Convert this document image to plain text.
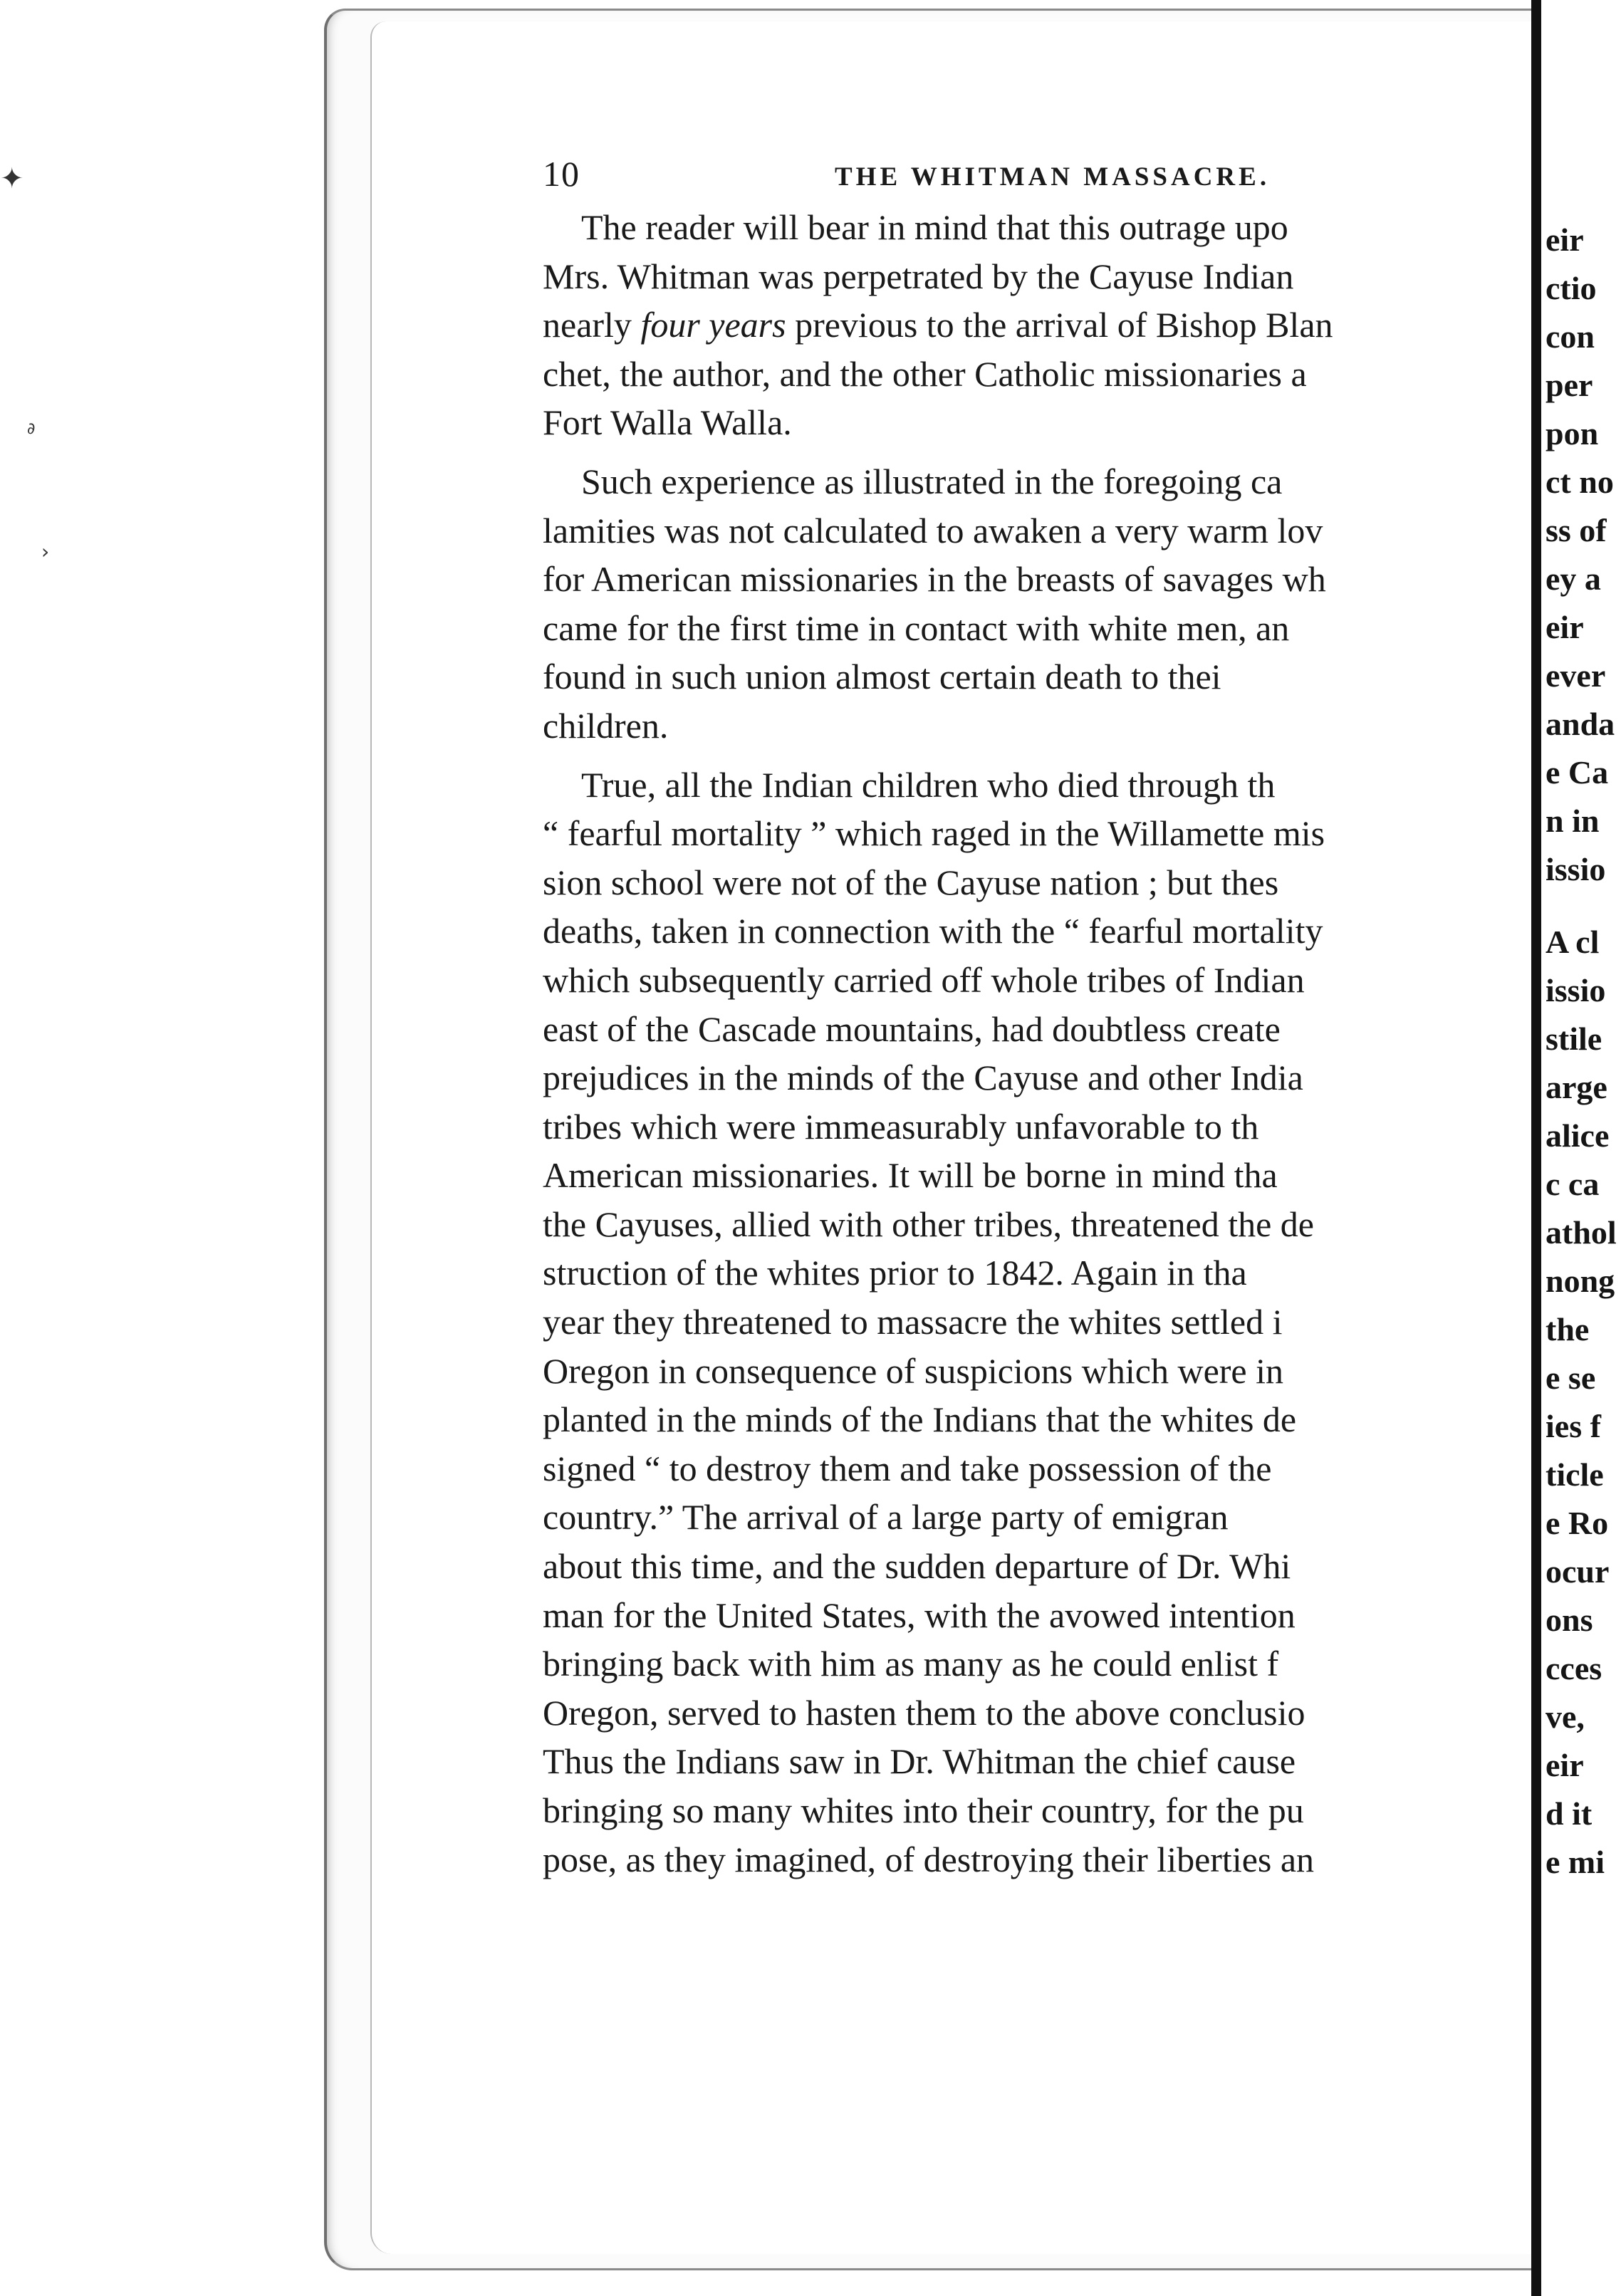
✦
∂
›
10	THE WHITMAN MASSACRE.

The reader will bear in mind that this outrage upo
Mrs. Whitman was perpetrated by the Cayuse Indian
nearly four years previous to the arrival of Bishop Blan
chet, the author, and the other Catholic missionaries a
Fort Walla Walla.

Such experience as illustrated in the foregoing ca
lamities was not calculated to awaken a very warm lov
for American missionaries in the breasts of savages wh
came for the first time in contact with white men, an
found in such union almost certain death to thei
children.

True, all the Indian children who died through th
“ fearful mortality ” which raged in the Willamette mis
sion school were not of the Cayuse nation ; but thes
deaths, taken in connection with the “ fearful mortality
which subsequently carried off whole tribes of Indian
east of the Cascade mountains, had doubtless create
prejudices in the minds of the Cayuse and other India
tribes which were immeasurably unfavorable to th
American missionaries. It will be borne in mind tha
the Cayuses, allied with other tribes, threatened the de
struction of the whites prior to 1842. Again in tha
year they threatened to massacre the whites settled i
Oregon in consequence of suspicions which were in
planted in the minds of the Indians that the whites de
signed “ to destroy them and take possession of the
country.” The arrival of a large party of emigran
about this time, and the sudden departure of Dr. Whi
man for the United States, with the avowed intention
bringing back with him as many as he could enlist f
Oregon, served to hasten them to the above conclusio
Thus the Indians saw in Dr. Whitman the chief cause
bringing so many whites into their country, for the pu
pose, as they imagined, of destroying their liberties an

eir
ctio
con
per
pon
ct no
ss of
ey a
eir
ever
anda
e Ca
n in
issio
A cl
issio
stile
arge
alice
c ca
athol
nong
the
e se
ies f
ticle
e Ro
ocur
ons
cces
ve,
eir
d it
e mi
